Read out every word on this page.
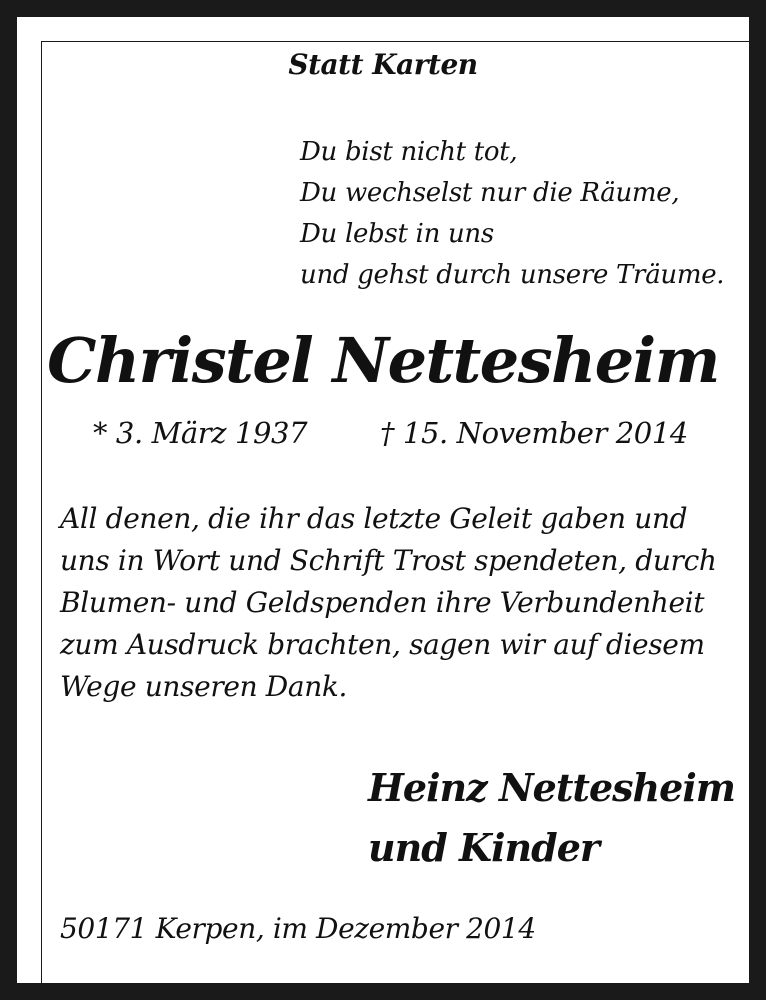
Statt Karten
Du bist nicht tot,
Du wechselst nur die Räume,
Du lebst in uns
und gehst durch unsere Träume.
Christel Nettesheim
* 3. März 1937	† 15. November 2014
All denen, die ihr das letzte Geleit gaben und
uns in Wort und Schrift Trost spendeten, durch
Blumen- und Geldspenden ihre Verbundenheit
zum Ausdruck brachten, sagen wir auf diesem
Wege unseren Dank.
Heinz Nettesheim
und Kinder
50171 Kerpen, im Dezember 2014
